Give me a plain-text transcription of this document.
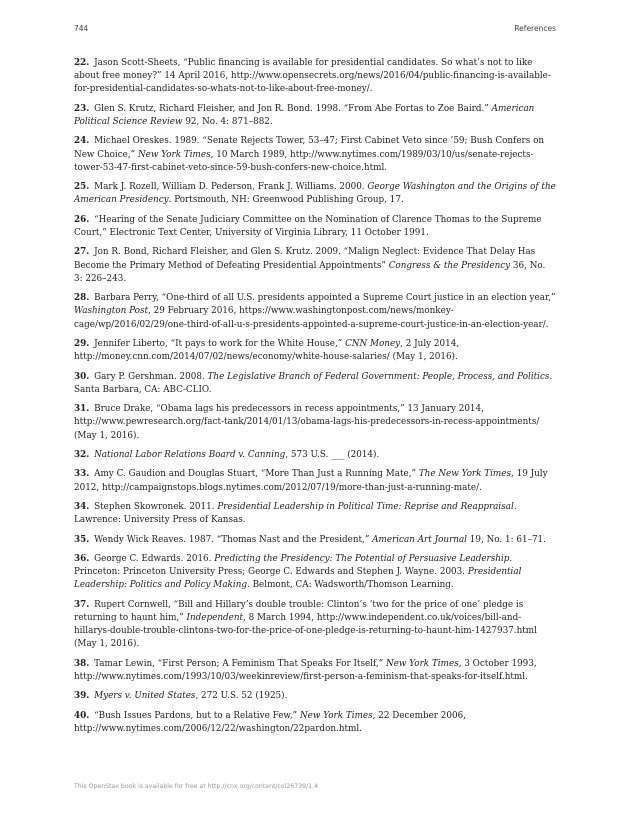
744	References

22. Jason Scott-Sheets, “Public financing is available for presidential candidates. So what’s not to like about free money?” 14 April 2016, http://www.opensecrets.org/news/2016/04/public-financing-is-available-for-presidential-candidates-so-whats-not-to-like-about-free-money/.

23. Glen S. Krutz, Richard Fleisher, and Jon R. Bond. 1998. “From Abe Fortas to Zoe Baird.” American Political Science Review 92, No. 4: 871–882.

24. Michael Oreskes. 1989. “Senate Rejects Tower, 53–47; First Cabinet Veto since ’59; Bush Confers on New Choice,” New York Times, 10 March 1989, http://www.nytimes.com/1989/03/10/us/senate-rejects-tower-53-47-first-cabinet-veto-since-59-bush-confers-new-choice.html.

25. Mark J. Rozell, William D. Pederson, Frank J. Williams. 2000. George Washington and the Origins of the American Presidency. Portsmouth, NH: Greenwood Publishing Group, 17.

26. “Hearing of the Senate Judiciary Committee on the Nomination of Clarence Thomas to the Supreme Court,” Electronic Text Center, University of Virginia Library, 11 October 1991.

27. Jon R. Bond, Richard Fleisher, and Glen S. Krutz. 2009. “Malign Neglect: Evidence That Delay Has Become the Primary Method of Defeating Presidential Appointments” Congress & the Presidency 36, No. 3: 226–243.

28. Barbara Perry, “One-third of all U.S. presidents appointed a Supreme Court justice in an election year,” Washington Post, 29 February 2016, https://www.washingtonpost.com/news/monkey-cage/wp/2016/02/29/one-third-of-all-u-s-presidents-appointed-a-supreme-court-justice-in-an-election-year/.

29. Jennifer Liberto, “It pays to work for the White House,” CNN Money, 2 July 2014, http://money.cnn.com/2014/07/02/news/economy/white-house-salaries/ (May 1, 2016).

30. Gary P. Gershman. 2008. The Legislative Branch of Federal Government: People, Process, and Politics. Santa Barbara, CA: ABC-CLIO.

31. Bruce Drake, “Obama lags his predecessors in recess appointments,” 13 January 2014, http://www.pewresearch.org/fact-tank/2014/01/13/obama-lags-his-predecessors-in-recess-appointments/ (May 1, 2016).

32. National Labor Relations Board v. Canning, 573 U.S. ___ (2014).

33. Amy C. Gaudion and Douglas Stuart, “More Than Just a Running Mate,” The New York Times, 19 July 2012, http://campaignstops.blogs.nytimes.com/2012/07/19/more-than-just-a-running-mate/.

34. Stephen Skowronek. 2011. Presidential Leadership in Political Time: Reprise and Reappraisal. Lawrence: University Press of Kansas.

35. Wendy Wick Reaves. 1987. “Thomas Nast and the President,” American Art Journal 19, No. 1: 61–71.

36. George C. Edwards. 2016. Predicting the Presidency: The Potential of Persuasive Leadership. Princeton: Princeton University Press; George C. Edwards and Stephen J. Wayne. 2003. Presidential Leadership: Politics and Policy Making. Belmont, CA: Wadsworth/Thomson Learning.

37. Rupert Cornwell, “Bill and Hillary’s double trouble: Clinton’s ’two for the price of one’ pledge is returning to haunt him,” Independent, 8 March 1994, http://www.independent.co.uk/voices/bill-and-hillarys-double-trouble-clintons-two-for-the-price-of-one-pledge-is-returning-to-haunt-him-1427937.html (May 1, 2016).

38. Tamar Lewin, “First Person; A Feminism That Speaks For Itself,” New York Times, 3 October 1993, http://www.nytimes.com/1993/10/03/weekinreview/first-person-a-feminism-that-speaks-for-itself.html.

39. Myers v. United States, 272 U.S. 52 (1925).

40. “Bush Issues Pardons, but to a Relative Few,” New York Times, 22 December 2006, http://www.nytimes.com/2006/12/22/washington/22pardon.html.

This OpenStax book is available for free at http://cnx.org/content/col26739/1.4
